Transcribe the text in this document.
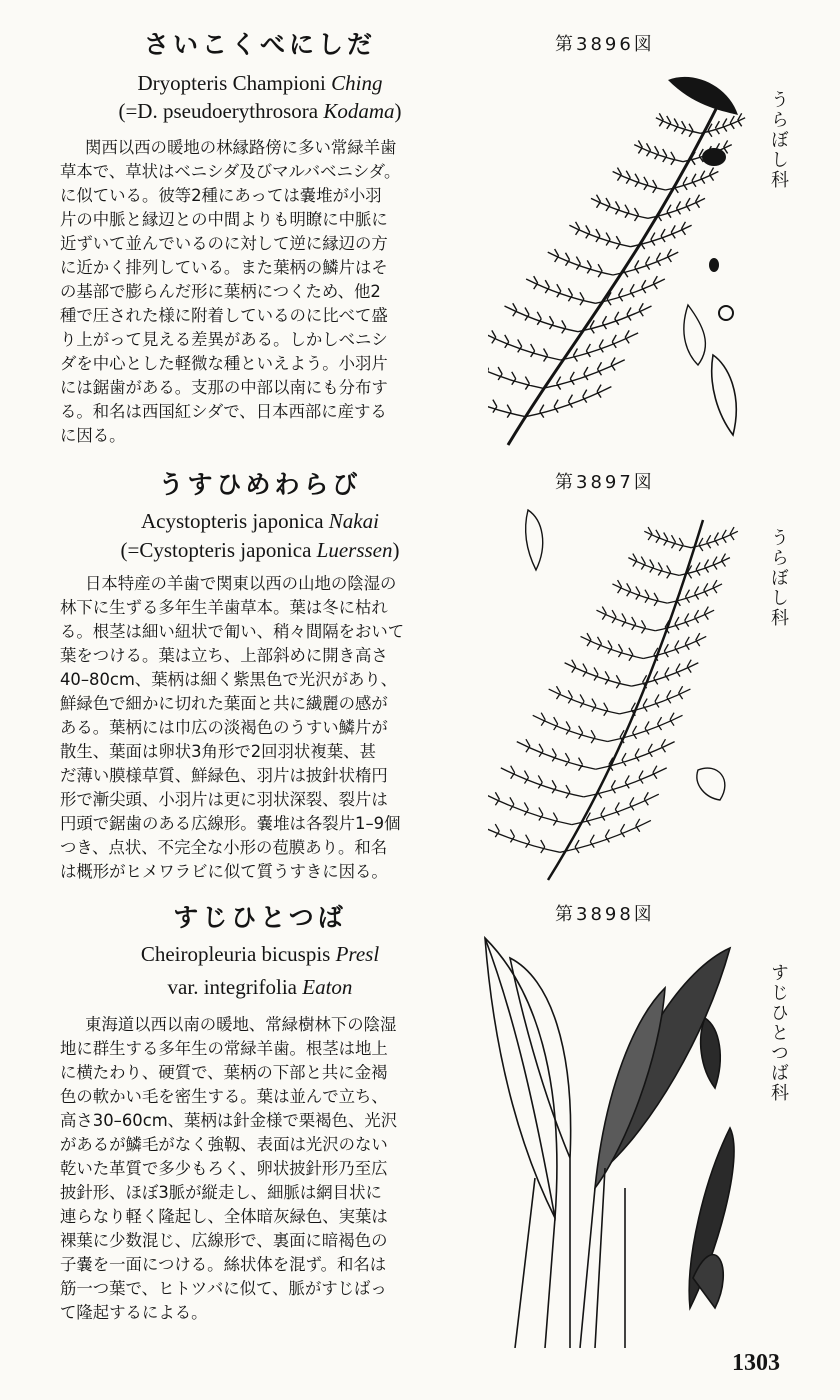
さいこくべにしだ
Dryopteris Championi Ching
(=D. pseudoerythrosora Kodama)
関西以西の暖地の林縁路傍に多い常緑羊歯
草本で、草状はベニシダ及びマルバベニシダ。
に似ている。彼等2種にあっては嚢堆が小羽
片の中脈と縁辺との中間よりも明瞭に中脈に
近ずいて並んでいるのに対して逆に縁辺の方
に近かく排列している。また葉柄の鱗片はそ
の基部で膨らんだ形に葉柄につくため、他2
種で圧された様に附着しているのに比べて盛
り上がって見える差異がある。しかしベニシ
ダを中心とした軽微な種といえよう。小羽片
には鋸歯がある。支那の中部以南にも分布す
る。和名は西国紅シダで、日本西部に産する
に因る。
第3896図
うらぼし科
うすひめわらび
Acystopteris japonica Nakai
(=Cystopteris japonica Luerssen)
日本特産の羊歯で関東以西の山地の陰湿の
林下に生ずる多年生羊歯草本。葉は冬に枯れ
る。根茎は細い紐状で匍い、稍々間隔をおいて
葉をつける。葉は立ち、上部斜めに開き高さ
40–80cm、葉柄は細く紫黒色で光沢があり、
鮮緑色で細かに切れた葉面と共に繊麗の感が
ある。葉柄には巾広の淡褐色のうすい鱗片が
散生、葉面は卵状3角形で2回羽状複葉、甚
だ薄い膜様草質、鮮緑色、羽片は披針状楕円
形で漸尖頭、小羽片は更に羽状深裂、裂片は
円頭で鋸歯のある広線形。嚢堆は各裂片1–9個
つき、点状、不完全な小形の苞膜あり。和名
は概形がヒメワラビに似て質うすきに因る。
第3897図
うらぼし科
すじひとつば
Cheiropleuria bicuspis Presl
var. integrifolia Eaton
東海道以西以南の暖地、常緑樹林下の陰湿
地に群生する多年生の常緑羊歯。根茎は地上
に横たわり、硬質で、葉柄の下部と共に金褐
色の軟かい毛を密生する。葉は並んで立ち、
高さ30–60cm、葉柄は針金様で栗褐色、光沢
があるが鱗毛がなく強靱、表面は光沢のない
乾いた革質で多少もろく、卵状披針形乃至広
披針形、ほぼ3脈が縦走し、細脈は網目状に
連らなり軽く隆起し、全体暗灰緑色、実葉は
裸葉に少数混じ、広線形で、裏面に暗褐色の
子嚢を一面につける。絲状体を混ず。和名は
筋一つ葉で、ヒトツバに似て、脈がすじばっ
て隆起するによる。
第3898図
すじひとつば科
1303
